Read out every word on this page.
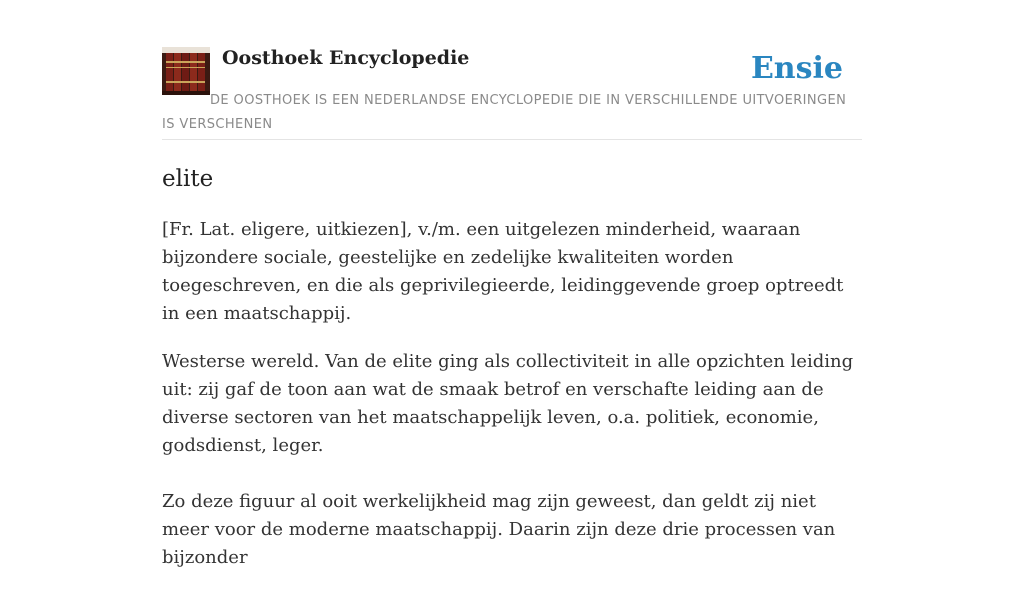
Oosthoek Encyclopedie	Ensie

DE OOSTHOEK IS EEN NEDERLANDSE ENCYCLOPEDIE DIE IN VERSCHILLENDE UITVOERINGEN IS VERSCHENEN

elite

[Fr. Lat. eligere, uitkiezen], v./m. een uitgelezen minderheid, waaraan bijzondere sociale, geestelijke en zedelijke kwaliteiten worden toegeschreven, en die als geprivilegieerde, leidinggevende groep optreedt in een maatschappij.

Westerse wereld. Van de elite ging als collectiviteit in alle opzichten leiding uit: zij gaf de toon aan wat de smaak betrof en verschafte leiding aan de diverse sectoren van het maatschappelijk leven, o.a. politiek, economie, godsdienst, leger.

Zo deze figuur al ooit werkelijkheid mag zijn geweest, dan geldt zij niet meer voor de moderne maatschappij. Daarin zijn deze drie processen van bijzonder
